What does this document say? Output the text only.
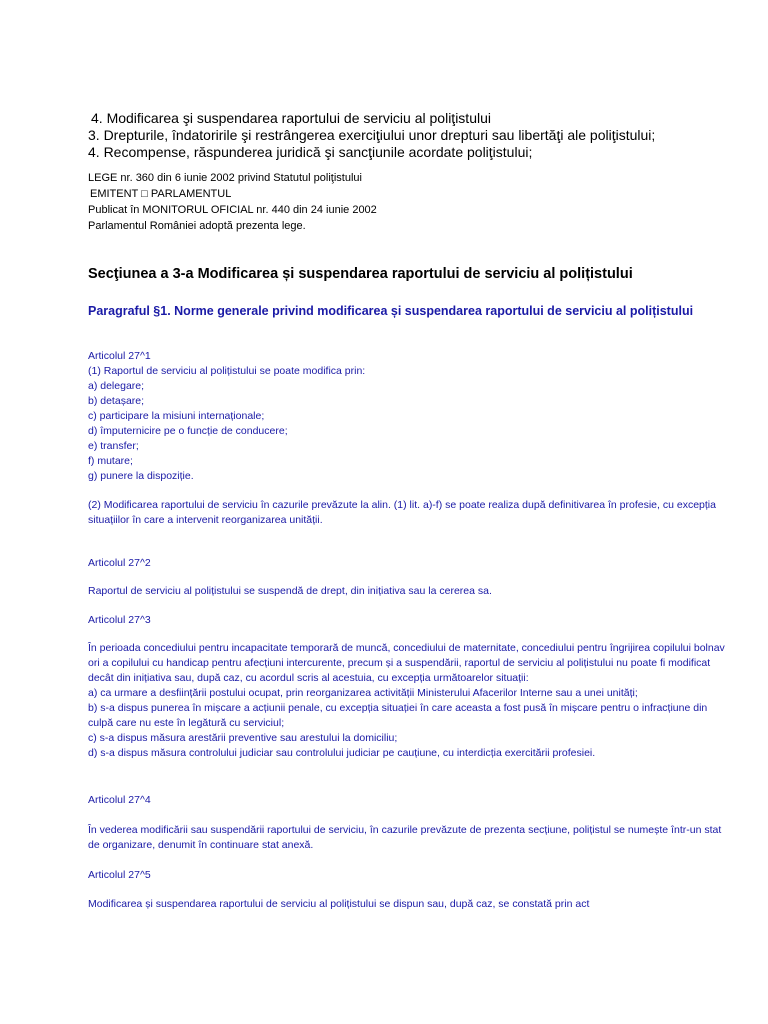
4. Modificarea şi suspendarea raportului de serviciu al poliţistului

3. Drepturile, îndatoririle şi restrângerea exerciţiului unor drepturi sau libertăţi ale poliţistului;

4. Recompense, răspunderea juridică şi sancţiunile acordate poliţistului;

LEGE nr. 360 din 6 iunie 2002 privind Statutul poliţistului
EMITENT □ PARLAMENTUL
Publicat în MONITORUL OFICIAL nr. 440 din 24 iunie 2002
Parlamentul României adoptă prezenta lege.
Secţiunea a 3-a Modificarea și suspendarea raportului de serviciu al polițistului
Paragraful §1. Norme generale privind modificarea și suspendarea raportului de serviciu al polițistului

Articolul 27^1

(1) Raportul de serviciu al polițistului se poate modifica prin:

a) delegare;
b) detașare;
c) participare la misiuni internaționale;
d) împuternicire pe o funcție de conducere;
e) transfer;
f) mutare;
g) punere la dispoziție.

(2) Modificarea raportului de serviciu în cazurile prevăzute la alin. (1) lit. a)-f) se poate realiza după definitivarea în profesie, cu excepția situațiilor în care a intervenit reorganizarea unității.

Articolul 27^2

Raportul de serviciu al polițistului se suspendă de drept, din inițiativa sau la cererea sa.

Articolul 27^3

În perioada concediului pentru incapacitate temporară de muncă, concediului de maternitate, concediului pentru îngrijirea copilului bolnav ori a copilului cu handicap pentru afecțiuni intercurente, precum și a suspendării, raportul de serviciu al polițistului nu poate fi modificat decât din inițiativa sau, după caz, cu acordul scris al acestuia, cu excepția următoarelor situații:

a) ca urmare a desființării postului ocupat, prin reorganizarea activității Ministerului Afacerilor Interne sau a unei unități;
b) s-a dispus punerea în mișcare a acțiunii penale, cu excepția situației în care aceasta a fost pusă în mișcare pentru o infracțiune din culpă care nu este în legătură cu serviciul;
c) s-a dispus măsura arestării preventive sau arestului la domiciliu;
d) s-a dispus măsura controlului judiciar sau controlului judiciar pe cauțiune, cu interdicția exercitării profesiei.

Articolul 27^4

În vederea modificării sau suspendării raportului de serviciu, în cazurile prevăzute de prezenta secțiune, polițistul se numește într-un stat de organizare, denumit în continuare stat anexă.

Articolul 27^5

Modificarea și suspendarea raportului de serviciu al polițistului se dispun sau, după caz, se constată prin act
